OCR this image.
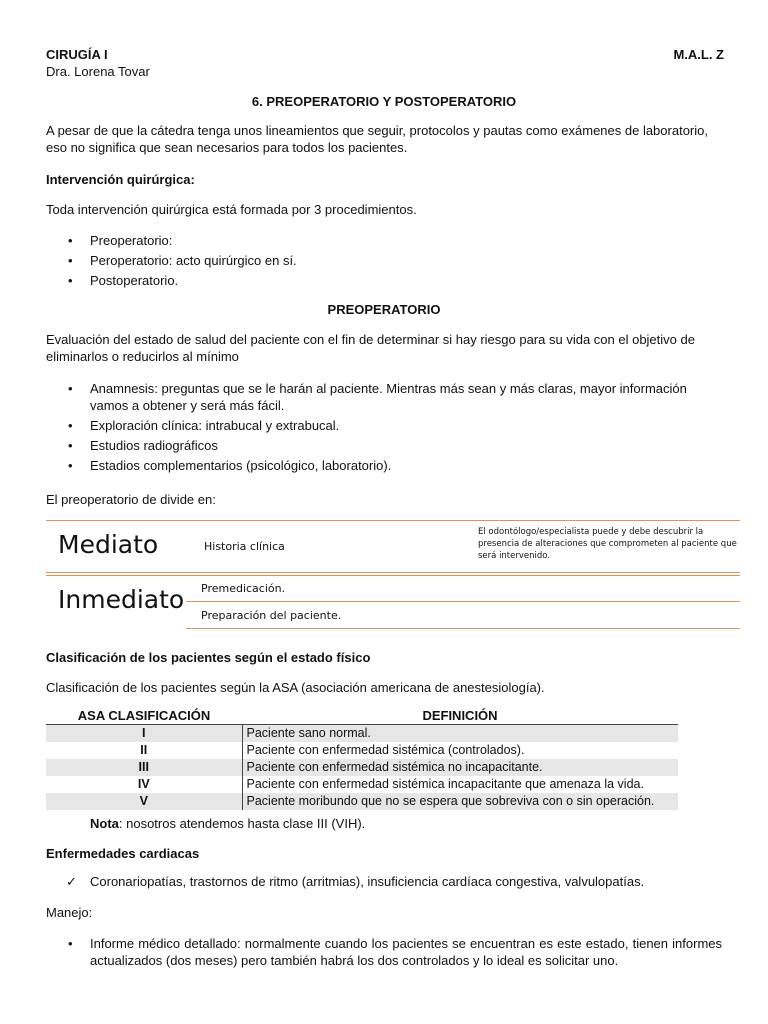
CIRUGÍA I
Dra. Lorena Tovar
M.A.L. Z
6. PREOPERATORIO Y POSTOPERATORIO
A pesar de que la cátedra tenga unos lineamientos que seguir, protocolos y pautas como exámenes de laboratorio, eso no significa que sean necesarios para todos los pacientes.
Intervención quirúrgica:
Toda intervención quirúrgica está formada por 3 procedimientos.
• Preoperatorio:
• Peroperatorio: acto quirúrgico en sí.
• Postoperatorio.
PREOPERATORIO
Evaluación del estado de salud del paciente con el fin de determinar si hay riesgo para su vida con el objetivo de eliminarlos o reducirlos al mínimo
• Anamnesis: preguntas que se le harán al paciente. Mientras más sean y más claras, mayor información vamos a obtener y será más fácil.
• Exploración clínica: intrabucal y extrabucal.
• Estudios radiográficos
• Estadios complementarios (psicológico, laboratorio).
El preoperatorio de divide en:
Mediato	Historia clínica
El odontólogo/especialista puede y debe descubrir la presencia de alteraciones que comprometen al paciente que será intervenido.
Inmediato Premedicación.
Preparación del paciente.
Clasificación de los pacientes según el estado físico
Clasificación de los pacientes según la ASA (asociación americana de anestesiología).
ASA CLASIFICACIÓN	DEFINICIÓN
I	Paciente sano normal.
II	Paciente con enfermedad sistémica (controlados).
III	Paciente con enfermedad sistémica no incapacitante.
IV	Paciente con enfermedad sistémica incapacitante que amenaza la vida.
V	Paciente moribundo que no se espera que sobreviva con o sin operación.
Nota: nosotros atendemos hasta clase III (VIH).
Enfermedades cardiacas
✓ Coronariopatías, trastornos de ritmo (arritmias), insuficiencia cardíaca congestiva, valvulopatías.
Manejo:
• Informe médico detallado: normalmente cuando los pacientes se encuentran es este estado, tienen informes actualizados (dos meses) pero también habrá los dos controlados y lo ideal es solicitar uno.
